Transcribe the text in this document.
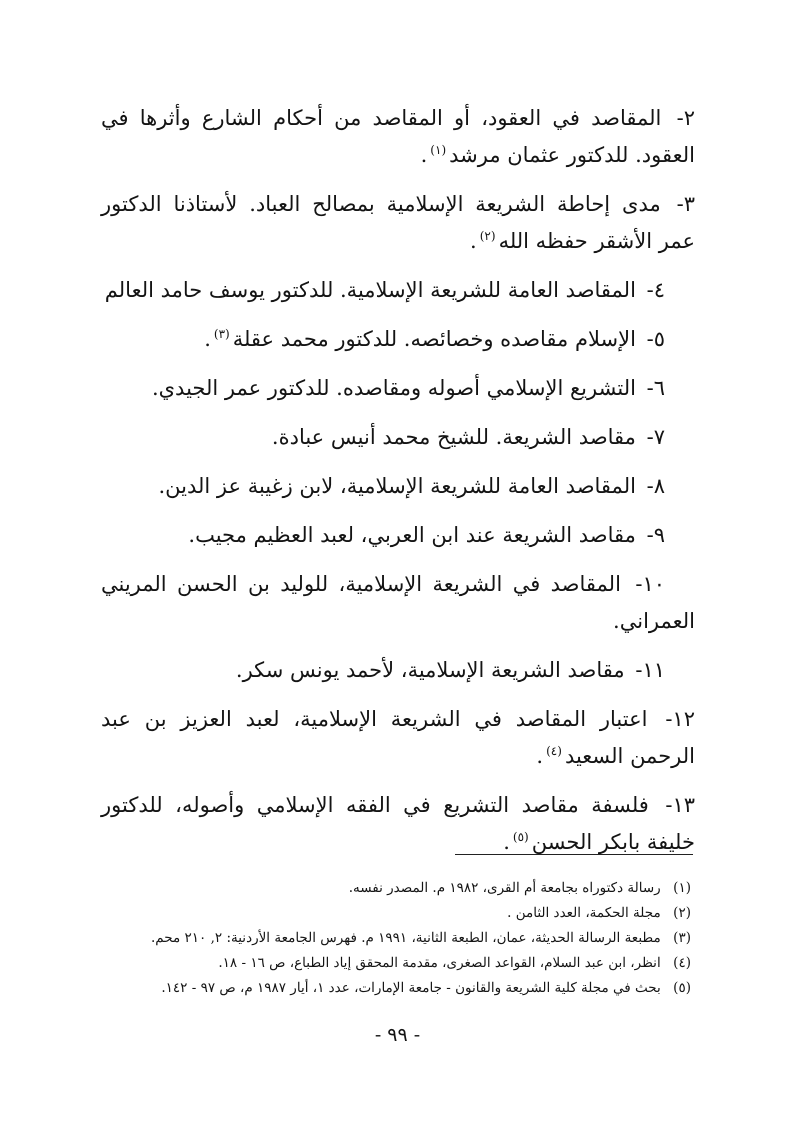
٢- المقاصد في العقود، أو المقاصد من أحكام الشارع وأثرها في العقود. للدكتور عثمان مرشد$^{(١)}$.

٣- مدى إحاطة الشريعة الإسلامية بمصالح العباد. لأستاذنا الدكتور عمر الأشقر حفظه الله$^{(٢)}$.

٤- المقاصد العامة للشريعة الإسلامية. للدكتور يوسف حامد العالم

٥- الإسلام مقاصده وخصائصه. للدكتور محمد عقلة$^{(٣)}$.

٦- التشريع الإسلامي أصوله ومقاصده. للدكتور عمر الجيدي.

٧- مقاصد الشريعة. للشيخ محمد أنيس عبادة.

٨- المقاصد العامة للشريعة الإسلامية، لابن زغيبة عز الدين.

٩- مقاصد الشريعة عند ابن العربي، لعبد العظيم مجيب.

١٠- المقاصد في الشريعة الإسلامية، للوليد بن الحسن المريني العمراني.

١١- مقاصد الشريعة الإسلامية، لأحمد يونس سكر.

١٢- اعتبار المقاصد في الشريعة الإسلامية، لعبد العزيز بن عبد الرحمن السعيد$^{(٤)}$.

١٣- فلسفة مقاصد التشريع في الفقه الإسلامي وأصوله، للدكتور خليفة بابكر الحسن$^{(٥)}$.

(١) رسالة دكتوراه بجامعة أم القرى، ١٩٨٢ م. المصدر نفسه.
(٢) مجلة الحكمة، العدد الثامن .
(٣) مطبعة الرسالة الحديثة، عمان، الطبعة الثانية، ١٩٩١ م. فهرس الجامعة الأردنية: ٢, ٢١٠ محم.
(٤) انظر، ابن عبد السلام، القواعد الصغرى، مقدمة المحقق إياد الطباع، ص ١٦ - ١٨.
(٥) بحث في مجلة كلية الشريعة والقانون - جامعة الإمارات، عدد ١، أيار ١٩٨٧ م، ص ٩٧ - ١٤٢.
- ٩٩ -
